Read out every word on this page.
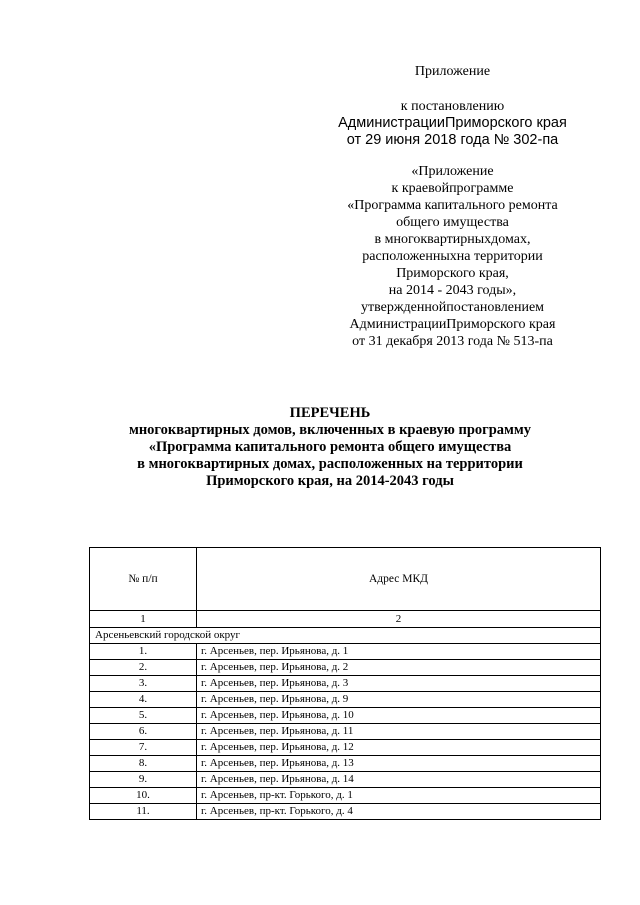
Приложение
к постановлению
АдминистрацииПриморского края
от 29 июня 2018 года № 302-па
«Приложение
к краевойпрограмме
«Программа капитального ремонта
общего имущества
в многоквартирныхдомах,
расположенныхна территории
Приморского края,
на 2014 - 2043 годы»,
утвержденнойпостановлением
АдминистрацииПриморского края
от 31 декабря 2013 года № 513-па
ПЕРЕЧЕНЬ
многоквартирных домов, включенных в краевую программу
«Программа капитального ремонта общего имущества
в многоквартирных домах, расположенных на территории
Приморского края, на 2014-2043 годы
№ п/п	Адрес МКД
1	2
Арсеньевский городской округ	
1.	г. Арсеньев, пер. Ирьянова, д. 1
2.	г. Арсеньев, пер. Ирьянова, д. 2
3.	г. Арсеньев, пер. Ирьянова, д. 3
4.	г. Арсеньев, пер. Ирьянова, д. 9
5.	г. Арсеньев, пер. Ирьянова, д. 10
6.	г. Арсеньев, пер. Ирьянова, д. 11
7.	г. Арсеньев, пер. Ирьянова, д. 12
8.	г. Арсеньев, пер. Ирьянова, д. 13
9.	г. Арсеньев, пер. Ирьянова, д. 14
10.	г. Арсеньев, пр-кт. Горького, д. 1
11.	г. Арсеньев, пр-кт. Горького, д. 4
